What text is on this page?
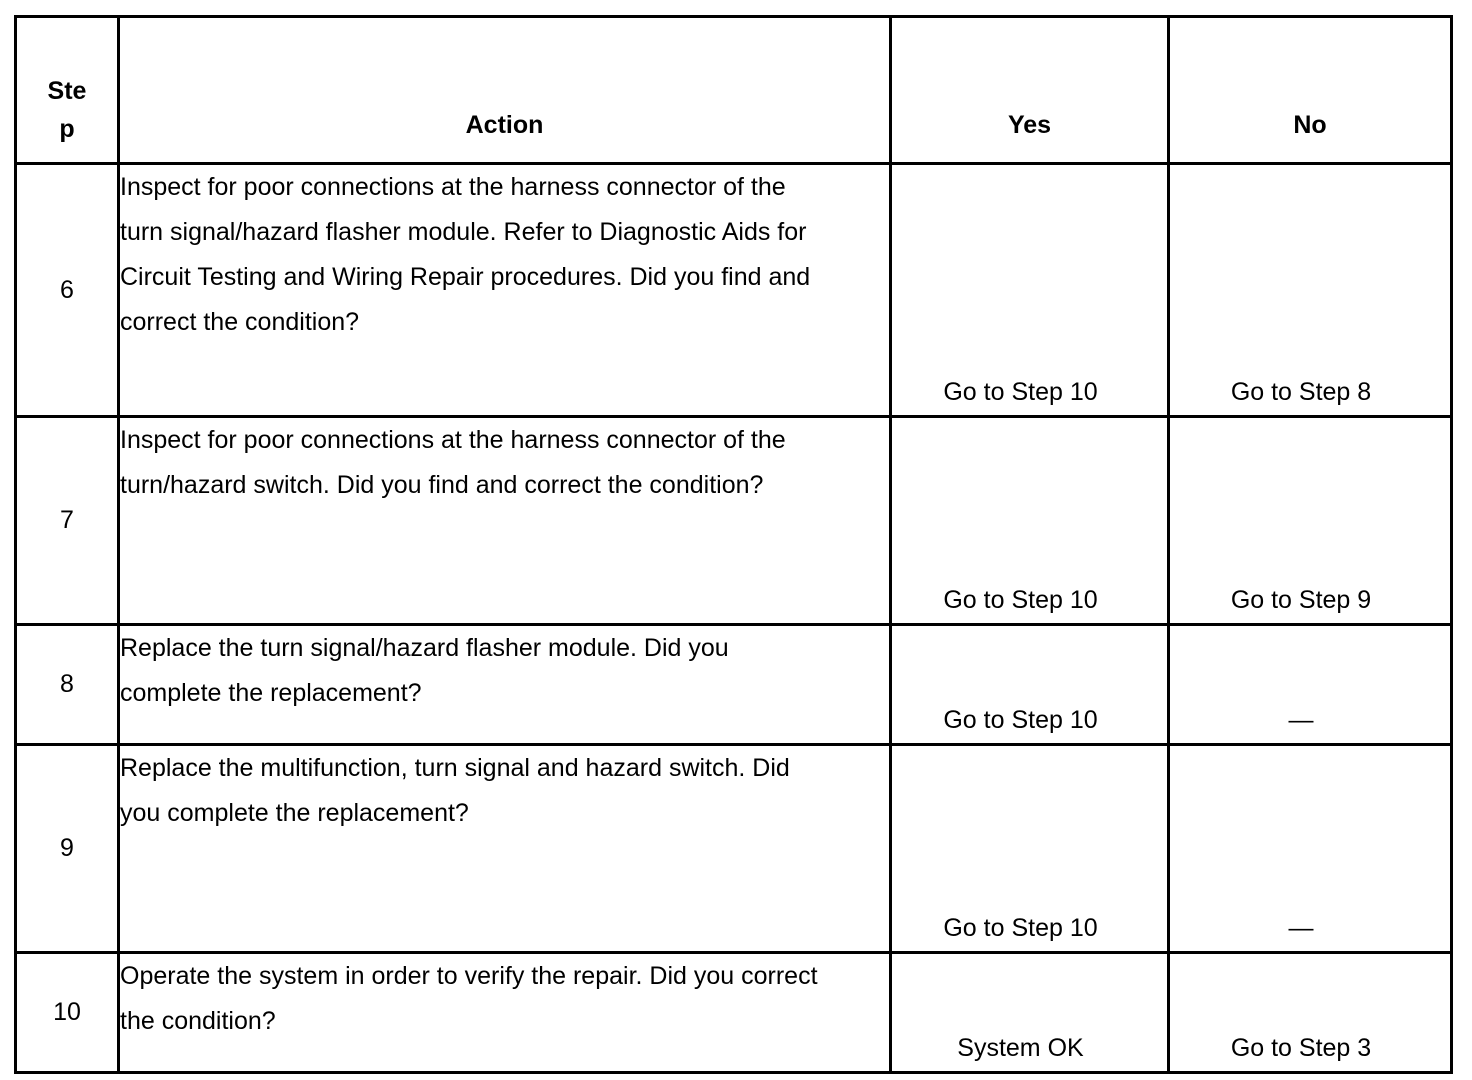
Step	Action	Yes	No
6	Inspect for poor connections at the harness connector of the turn signal/hazard flasher module. Refer to Diagnostic Aids for Circuit Testing and Wiring Repair procedures. Did you find and correct the condition?	Go to Step 10	Go to Step 8
7	Inspect for poor connections at the harness connector of the turn/hazard switch. Did you find and correct the condition?	Go to Step 10	Go to Step 9
8	Replace the turn signal/hazard flasher module. Did you complete the replacement?	Go to Step 10	—
9	Replace the multifunction, turn signal and hazard switch. Did you complete the replacement?	Go to Step 10	—
10	Operate the system in order to verify the repair. Did you correct the condition?	System OK	Go to Step 3
